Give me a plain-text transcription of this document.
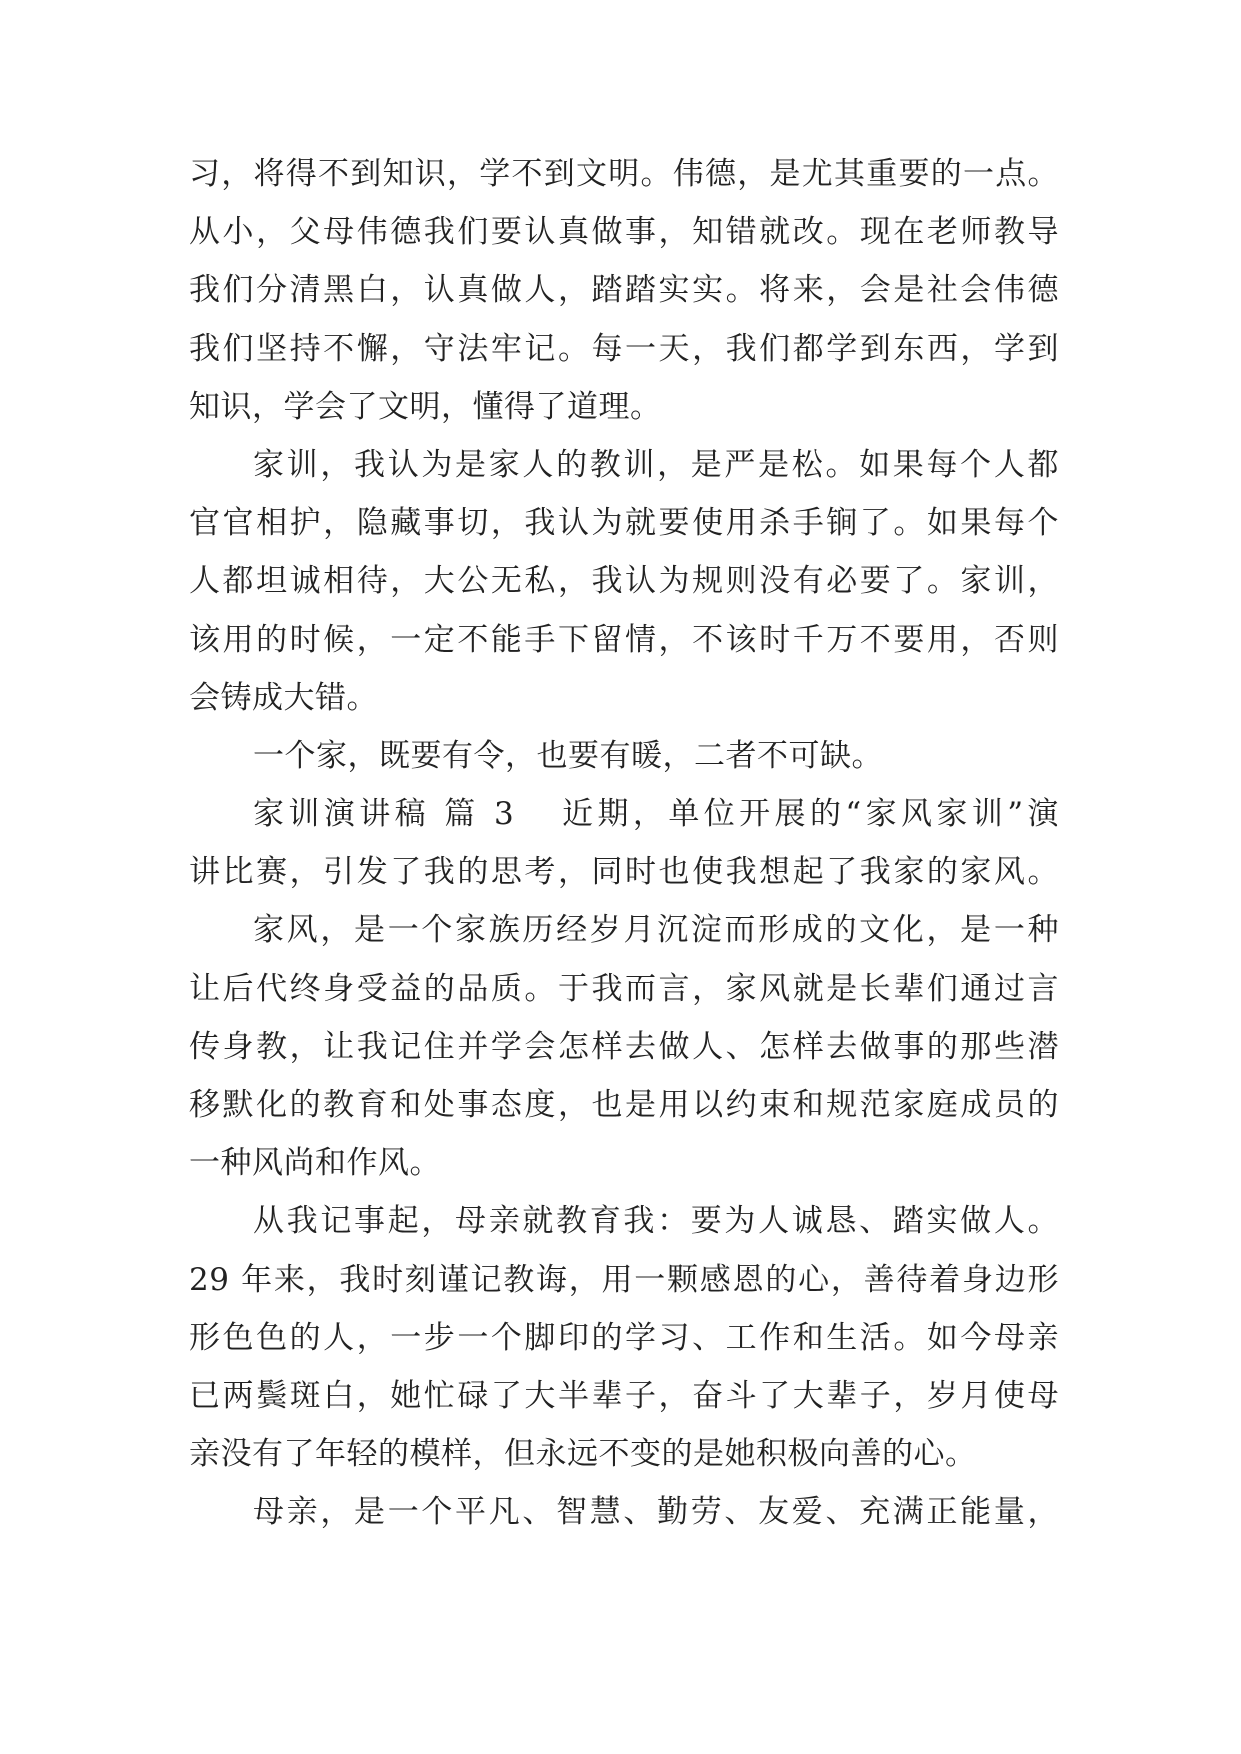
习，将得不到知识，学不到文明。伟德，是尤其重要的一点。
从小，父母伟德我们要认真做事，知错就改。现在老师教导
我们分清黑白，认真做人，踏踏实实。将来，会是社会伟德
我们坚持不懈，守法牢记。每一天，我们都学到东西，学到
知识，学会了文明，懂得了道理。
家训，我认为是家人的教训，是严是松。如果每个人都
官官相护，隐藏事切，我认为就要使用杀手锏了。如果每个
人都坦诚相待，大公无私，我认为规则没有必要了。家训，
该用的时候，一定不能手下留情，不该时千万不要用，否则
会铸成大错。
一个家，既要有令，也要有暖，二者不可缺。
家训演讲稿 篇 3 近期，单位开展的“家风家训”演
讲比赛，引发了我的思考，同时也使我想起了我家的家风。
家风，是一个家族历经岁月沉淀而形成的文化，是一种
让后代终身受益的品质。于我而言，家风就是长辈们通过言
传身教，让我记住并学会怎样去做人、怎样去做事的那些潜
移默化的教育和处事态度，也是用以约束和规范家庭成员的
一种风尚和作风。
从我记事起，母亲就教育我：要为人诚恳、踏实做人。
29 年来，我时刻谨记教诲，用一颗感恩的心，善待着身边形
形色色的人，一步一个脚印的学习、工作和生活。如今母亲
已两鬓斑白，她忙碌了大半辈子，奋斗了大辈子，岁月使母
亲没有了年轻的模样，但永远不变的是她积极向善的心。
母亲，是一个平凡、智慧、勤劳、友爱、充满正能量，
